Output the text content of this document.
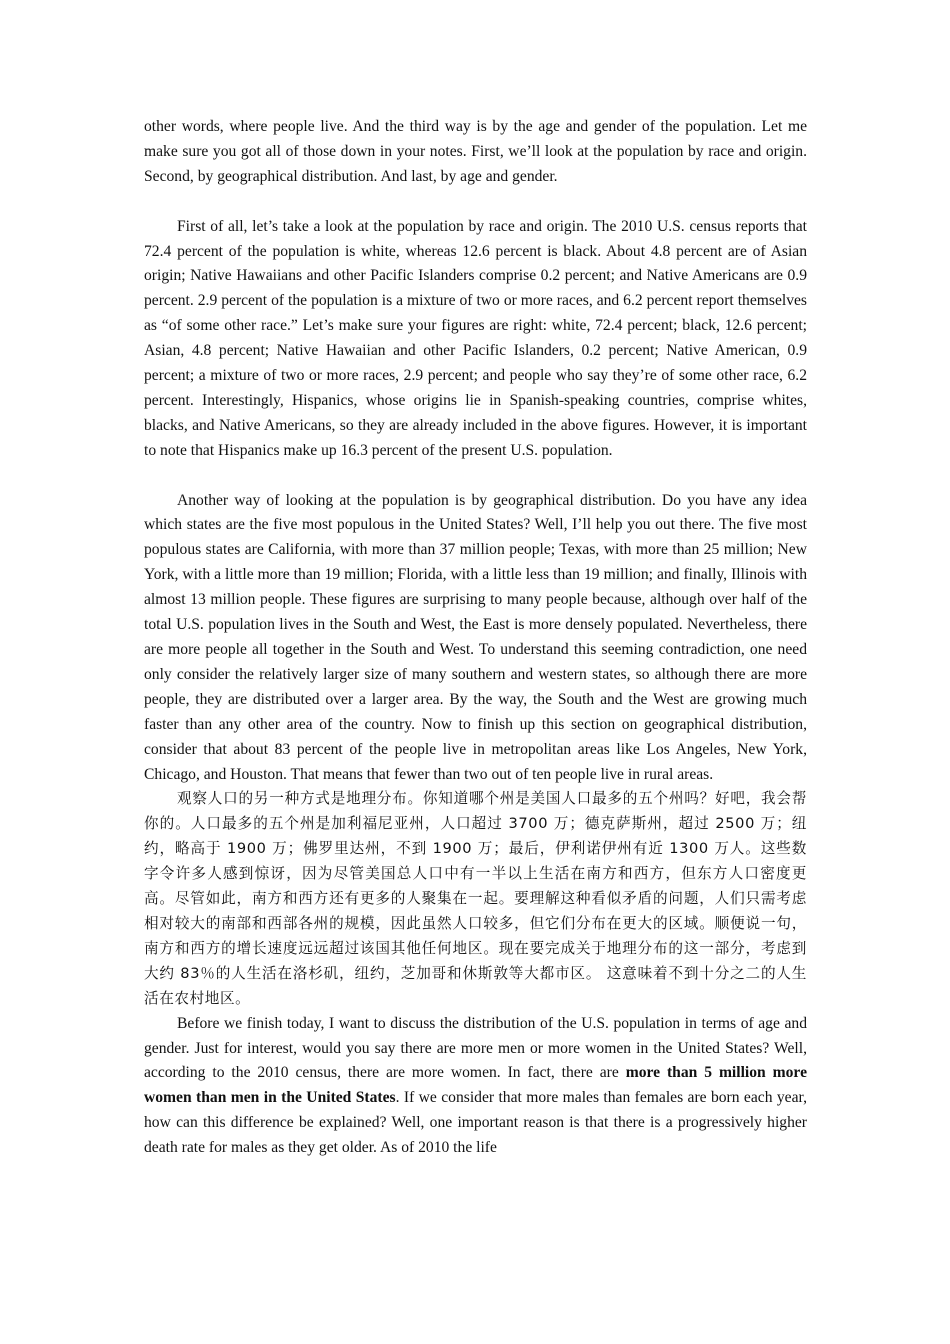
other words, where people live. And the third way is by the age and gender of the population. Let me make sure you got all of those down in your notes. First, we’ll look at the population by race and origin. Second, by geographical distribution. And last, by age and gender.

First of all, let’s take a look at the population by race and origin. The 2010 U.S. census reports that 72.4 percent of the population is white, whereas 12.6 percent is black. About 4.8 percent are of Asian origin; Native Hawaiians and other Pacific Islanders comprise 0.2 percent; and Native Americans are 0.9 percent. 2.9 percent of the population is a mixture of two or more races, and 6.2 percent report themselves as “of some other race.” Let’s make sure your figures are right: white, 72.4 percent; black, 12.6 percent; Asian, 4.8 percent; Native Hawaiian and other Pacific Islanders, 0.2 percent; Native American, 0.9 percent; a mixture of two or more races, 2.9 percent; and people who say they’re of some other race, 6.2 percent. Interestingly, Hispanics, whose origins lie in Spanish-speaking countries, comprise whites, blacks, and Native Americans, so they are already included in the above figures. However, it is important to note that Hispanics make up 16.3 percent of the present U.S. population.

Another way of looking at the population is by geographical distribution. Do you have any idea which states are the five most populous in the United States? Well, I’ll help you out there. The five most populous states are California, with more than 37 million people; Texas, with more than 25 million; New York, with a little more than 19 million; Florida, with a little less than 19 million; and finally, Illinois with almost 13 million people. These figures are surprising to many people because, although over half of the total U.S. population lives in the South and West, the East is more densely populated. Nevertheless, there are more people all together in the South and West. To understand this seeming contradiction, one need only consider the relatively larger size of many southern and western states, so although there are more people, they are distributed over a larger area. By the way, the South and the West are growing much faster than any other area of the country. Now to finish up this section on geographical distribution, consider that about 83 percent of the people live in metropolitan areas like Los Angeles, New York, Chicago, and Houston. That means that fewer than two out of ten people live in rural areas.

观察人口的另一种方式是地理分布。你知道哪个州是美国人口最多的五个州吗？好吧，我会帮你的。人口最多的五个州是加利福尼亚州，人口超过 3700 万；德克萨斯州，超过 2500 万；纽约，略高于 1900 万；佛罗里达州，不到 1900 万；最后，伊利诺伊州有近 1300 万人。这些数字令许多人感到惊讶，因为尽管美国总人口中有一半以上生活在南方和西方，但东方人口密度更高。尽管如此，南方和西方还有更多的人聚集在一起。要理解这种看似矛盾的问题，人们只需考虑相对较大的南部和西部各州的规模，因此虽然人口较多，但它们分布在更大的区域。顺便说一句，南方和西方的增长速度远远超过该国其他任何地区。现在要完成关于地理分布的这一部分，考虑到大约 83％的人生活在洛杉矶，纽约，芝加哥和休斯敦等大都市区。 这意味着不到十分之二的人生活在农村地区。

Before we finish today, I want to discuss the distribution of the U.S. population in terms of age and gender. Just for interest, would you say there are more men or more women in the United States? Well, according to the 2010 census, there are more women. In fact, there are more than 5 million more women than men in the United States. If we consider that more males than females are born each year, how can this difference be explained? Well, one important reason is that there is a progressively higher death rate for males as they get older. As of 2010 the life
